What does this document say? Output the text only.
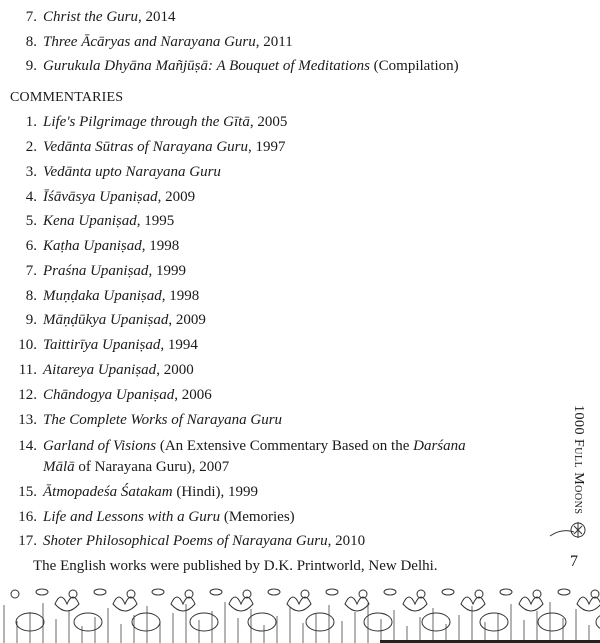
7. Christ the Guru, 2014
8. Three Ācāryas and Narayana Guru, 2011
9. Gurukula Dhyāna Mañjūṣā: A Bouquet of Meditations (Compilation)
COMMENTARIES
1. Life's Pilgrimage through the Gītā, 2005
2. Vedānta Sūtras of Narayana Guru, 1997
3. Vedānta upto Narayana Guru
4. Īśāvāsya Upaniṣad, 2009
5. Kena Upaniṣad, 1995
6. Kaṭha Upaniṣad, 1998
7. Praśna Upaniṣad, 1999
8. Muṇḍaka Upaniṣad, 1998
9. Māṇḍūkya Upaniṣad, 2009
10. Taittirīya Upaniṣad, 1994
11. Aitareya Upaniṣad, 2000
12. Chāndogya Upaniṣad, 2006
13. The Complete Works of Narayana Guru
14. Garland of Visions (An Extensive Commentary Based on the Darśana
Mālā of Narayana Guru), 2007
15. Ātmopadeśa Śatakam (Hindi), 1999
16. Life and Lessons with a Guru (Memories)
17. Shoter Philosophical Poems of Narayana Guru, 2010
The English works were published by D.K. Printworld, New Delhi.
1000 Full Moons
7
